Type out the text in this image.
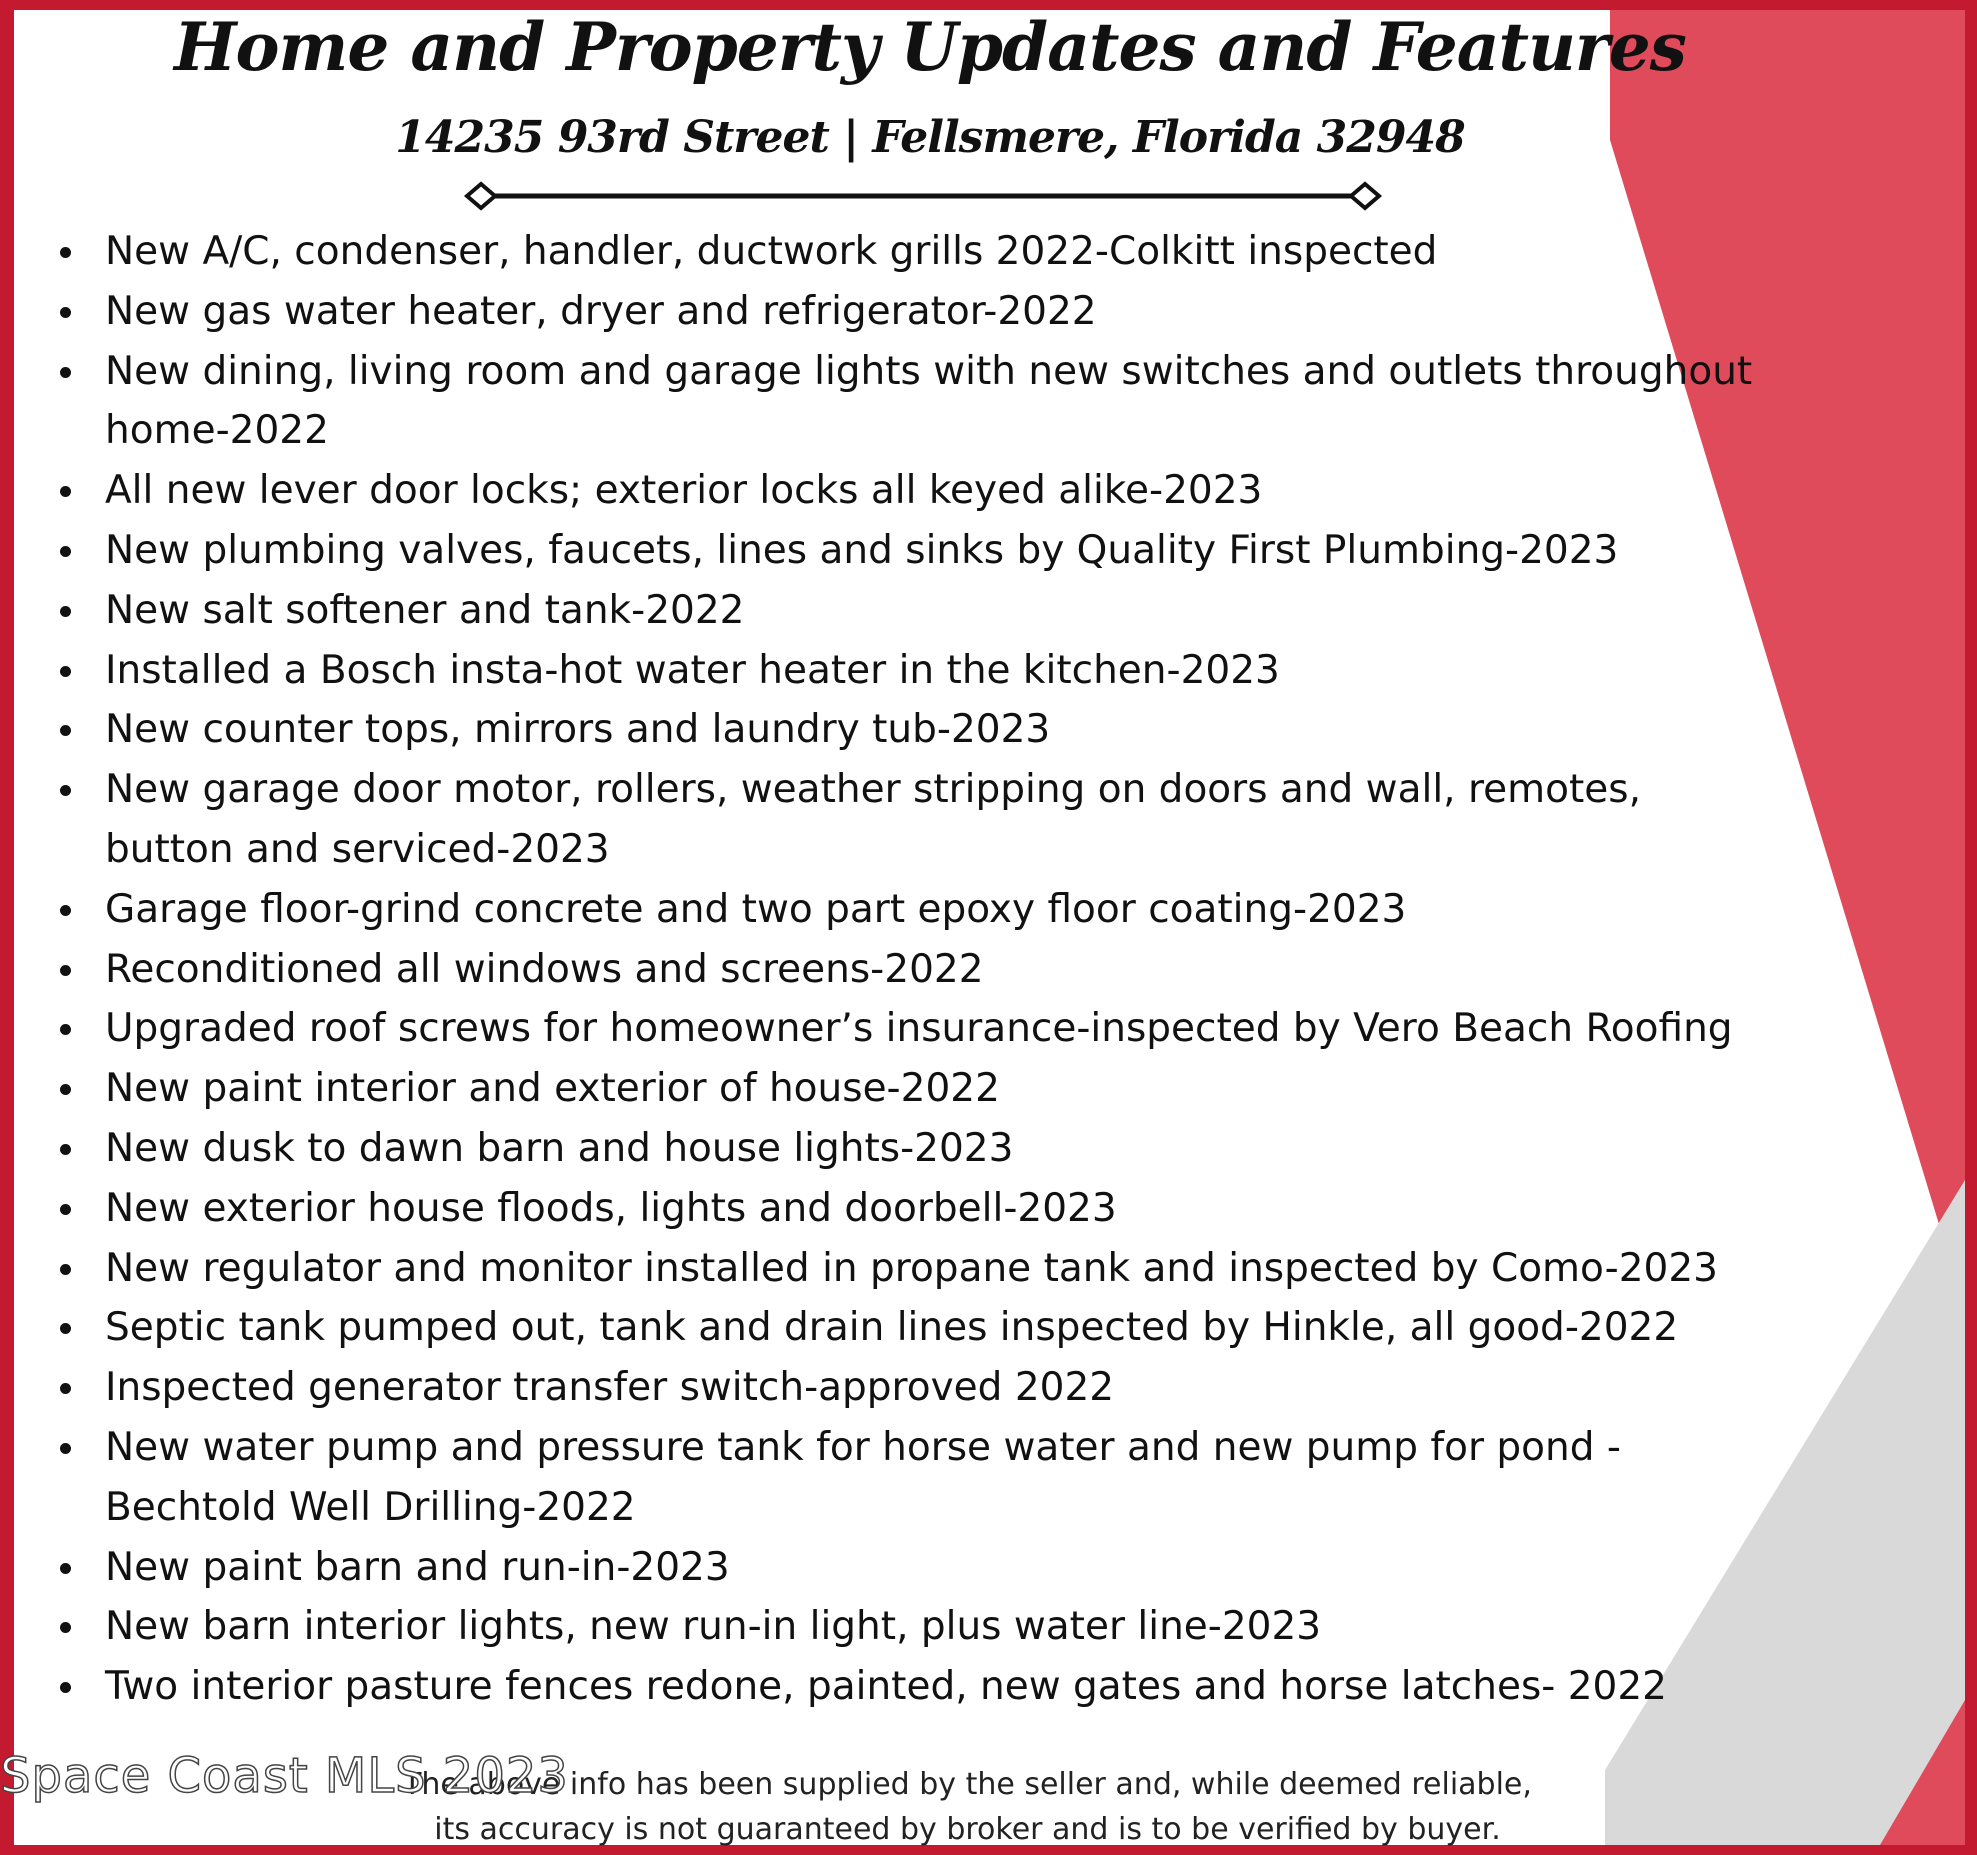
Home and Property Updates and Features
14235 93rd Street | Fellsmere, Florida 32948
New A/C, condenser, handler, ductwork grills 2022-Colkitt inspected
New gas water heater, dryer and refrigerator-2022
New dining, living room and garage lights with new switches and outlets throughout
home-2022
All new lever door locks; exterior locks all keyed alike-2023
New plumbing valves, faucets, lines and sinks by Quality First Plumbing-2023
New salt softener and tank-2022
Installed a Bosch insta-hot water heater in the kitchen-2023
New counter tops, mirrors and laundry tub-2023
New garage door motor, rollers, weather stripping on doors and wall, remotes,
button and serviced-2023
Garage floor-grind concrete and two part epoxy floor coating-2023
Reconditioned all windows and screens-2022
Upgraded roof screws for homeowner’s insurance-inspected by Vero Beach Roofing
New paint interior and exterior of house-2022
New dusk to dawn barn and house lights-2023
New exterior house floods, lights and doorbell-2023
New regulator and monitor installed in propane tank and inspected by Como-2023
Septic tank pumped out, tank and drain lines inspected by Hinkle, all good-2022
Inspected generator transfer switch-approved 2022
New water pump and pressure tank for horse water and new pump for pond -
Bechtold Well Drilling-2022
New paint barn and run-in-2023
New barn interior lights, new run-in light, plus water line-2023
Two interior pasture fences redone, painted, new gates and horse latches- 2022
The above info has been supplied by the seller and, while deemed reliable,
its accuracy is not guaranteed by broker and is to be verified by buyer.
Space Coast MLS 2023
